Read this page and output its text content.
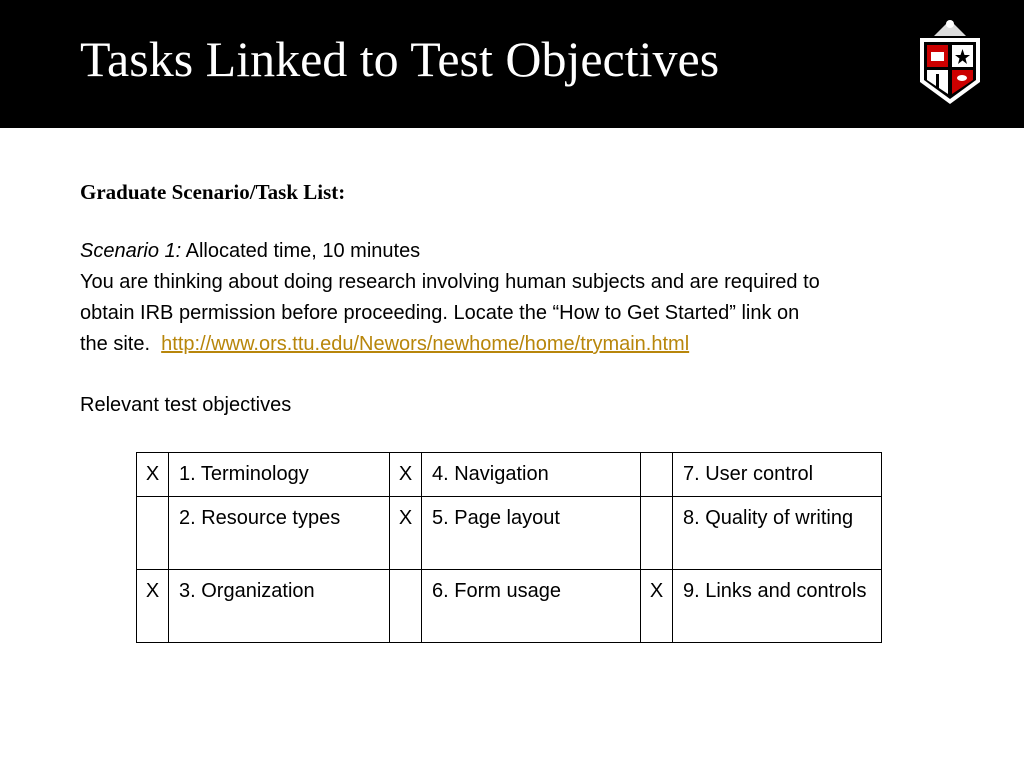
Tasks Linked to Test Objectives
Graduate Scenario/Task List:
Scenario 1: Allocated time, 10 minutes
You are thinking about doing research involving human subjects and are required to
obtain IRB permission before proceeding. Locate the “How to Get Started” link on
the site.  http://www.ors.ttu.edu/Newors/newhome/home/trymain.html
Relevant test objectives
X	1. Terminology	X	4. Navigation		7. User control
	2. Resource types	X	5. Page layout		8. Quality of writing
X	3. Organization		6. Form usage	X	9. Links and controls
